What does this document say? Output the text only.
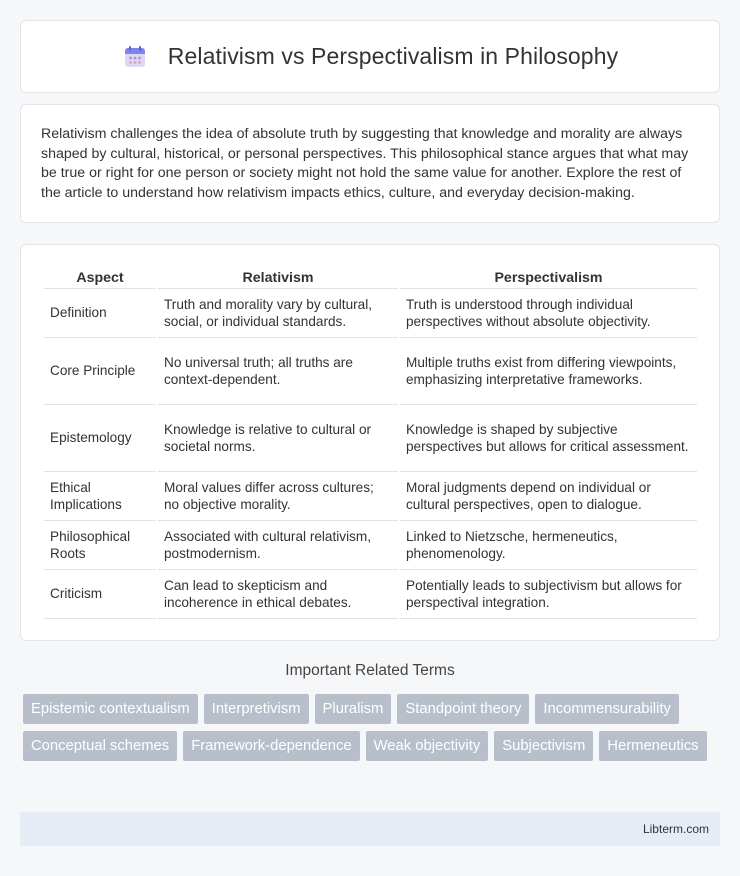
Relativism vs Perspectivalism in Philosophy

Relativism challenges the idea of absolute truth by suggesting that knowledge and morality are always shaped by cultural, historical, or personal perspectives. This philosophical stance argues that what may be true or right for one person or society might not hold the same value for another. Explore the rest of the article to understand how relativism impacts ethics, culture, and everyday decision-making.

Aspect	Relativism	Perspectivalism
Definition	Truth and morality vary by cultural, social, or individual standards.	Truth is understood through individual perspectives without absolute objectivity.
Core Principle	No universal truth; all truths are context-dependent.	Multiple truths exist from differing viewpoints, emphasizing interpretative frameworks.
Epistemology	Knowledge is relative to cultural or societal norms.	Knowledge is shaped by subjective perspectives but allows for critical assessment.
Ethical Implications	Moral values differ across cultures; no objective morality.	Moral judgments depend on individual or cultural perspectives, open to dialogue.
Philosophical Roots	Associated with cultural relativism, postmodernism.	Linked to Nietzsche, hermeneutics, phenomenology.
Criticism	Can lead to skepticism and incoherence in ethical debates.	Potentially leads to subjectivism but allows for perspectival integration.
Important Related Terms
Epistemic contextualism	Interpretivism	Pluralism	Standpoint theory	Incommensurability
Conceptual schemes	Framework-dependence	Weak objectivity	Subjectivism	Hermeneutics
Libterm.com
